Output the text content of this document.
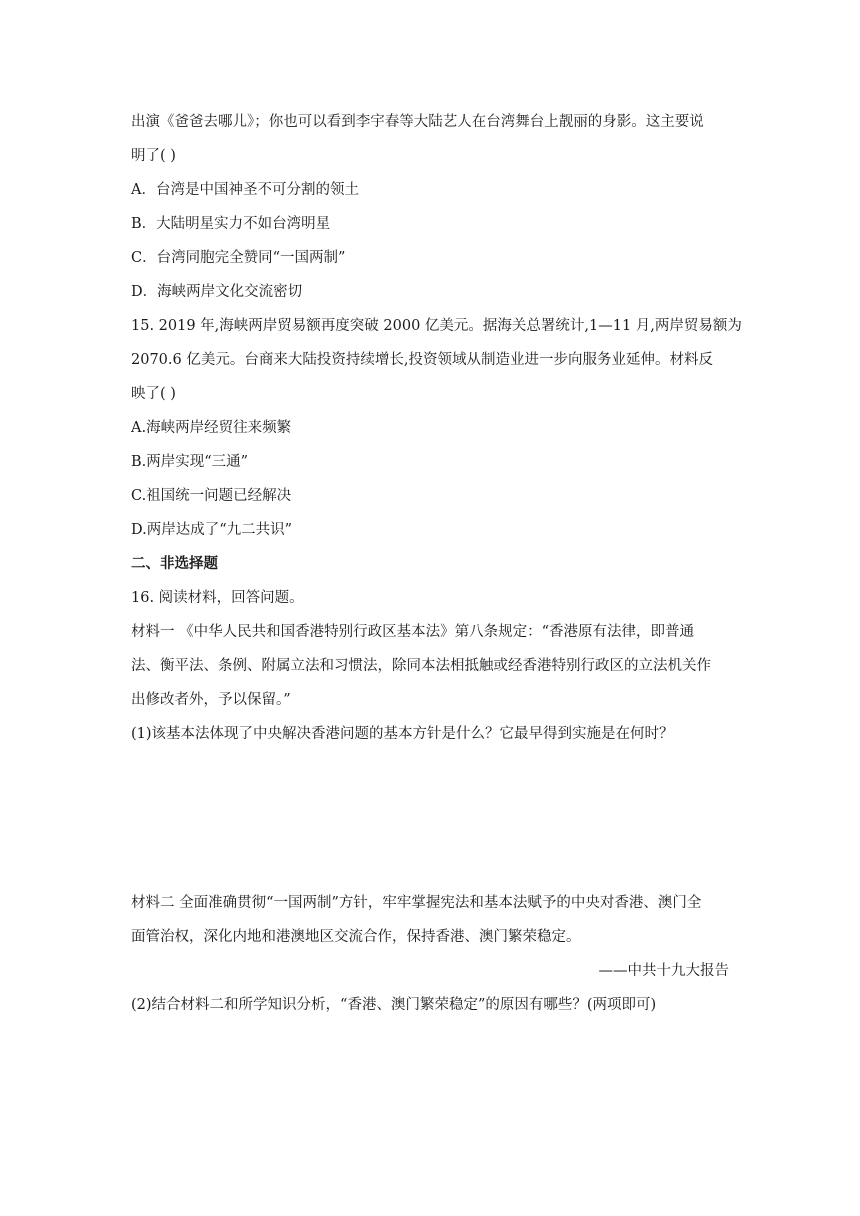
出演《爸爸去哪儿》；你也可以看到李宇春等大陆艺人在台湾舞台上靓丽的身影。这主要说
明了( )
A．台湾是中国神圣不可分割的领土
B．大陆明星实力不如台湾明星
C．台湾同胞完全赞同“一国两制”
D．海峡两岸文化交流密切
15. 2019 年,海峡两岸贸易额再度突破 2000 亿美元。据海关总署统计,1—11 月,两岸贸易额为
2070.6 亿美元。台商来大陆投资持续增长,投资领域从制造业进一步向服务业延伸。材料反
映了( )
A.海峡两岸经贸往来频繁
B.两岸实现“三通”
C.祖国统一问题已经解决
D.两岸达成了“九二共识”
二、非选择题
16. 阅读材料，回答问题。
材料一 《中华人民共和国香港特别行政区基本法》第八条规定：“香港原有法律，即普通
法、衡平法、条例、附属立法和习惯法，除同本法相抵触或经香港特别行政区的立法机关作
出修改者外，予以保留。”
(1)该基本法体现了中央解决香港问题的基本方针是什么？它最早得到实施是在何时？
材料二 全面准确贯彻“一国两制”方针，牢牢掌握宪法和基本法赋予的中央对香港、澳门全
面管治权，深化内地和港澳地区交流合作，保持香港、澳门繁荣稳定。
——中共十九大报告
(2)结合材料二和所学知识分析，“香港、澳门繁荣稳定”的原因有哪些？(两项即可)
